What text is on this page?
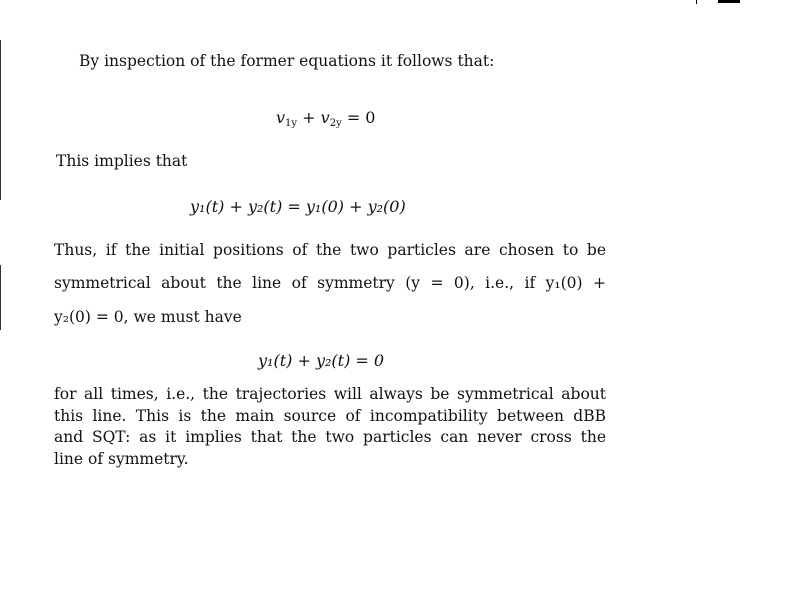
By inspection of the former equations it follows that:
$v_{1y} + v_{2y} = 0$
This implies that
y₁(t) + y₂(t) = y₁(0) + y₂(0)
Thus, if the initial positions of the two particles are chosen to be
symmetrical about the line of symmetry (y = 0), i.e., if y₁(0) +
y₂(0) = 0, we must have
y₁(t) + y₂(t) = 0
for all times, i.e., the trajectories will always be symmetrical about
this line. This is the main source of incompatibility between dBB
and SQT: as it implies that the two particles can never cross the
line of symmetry.
